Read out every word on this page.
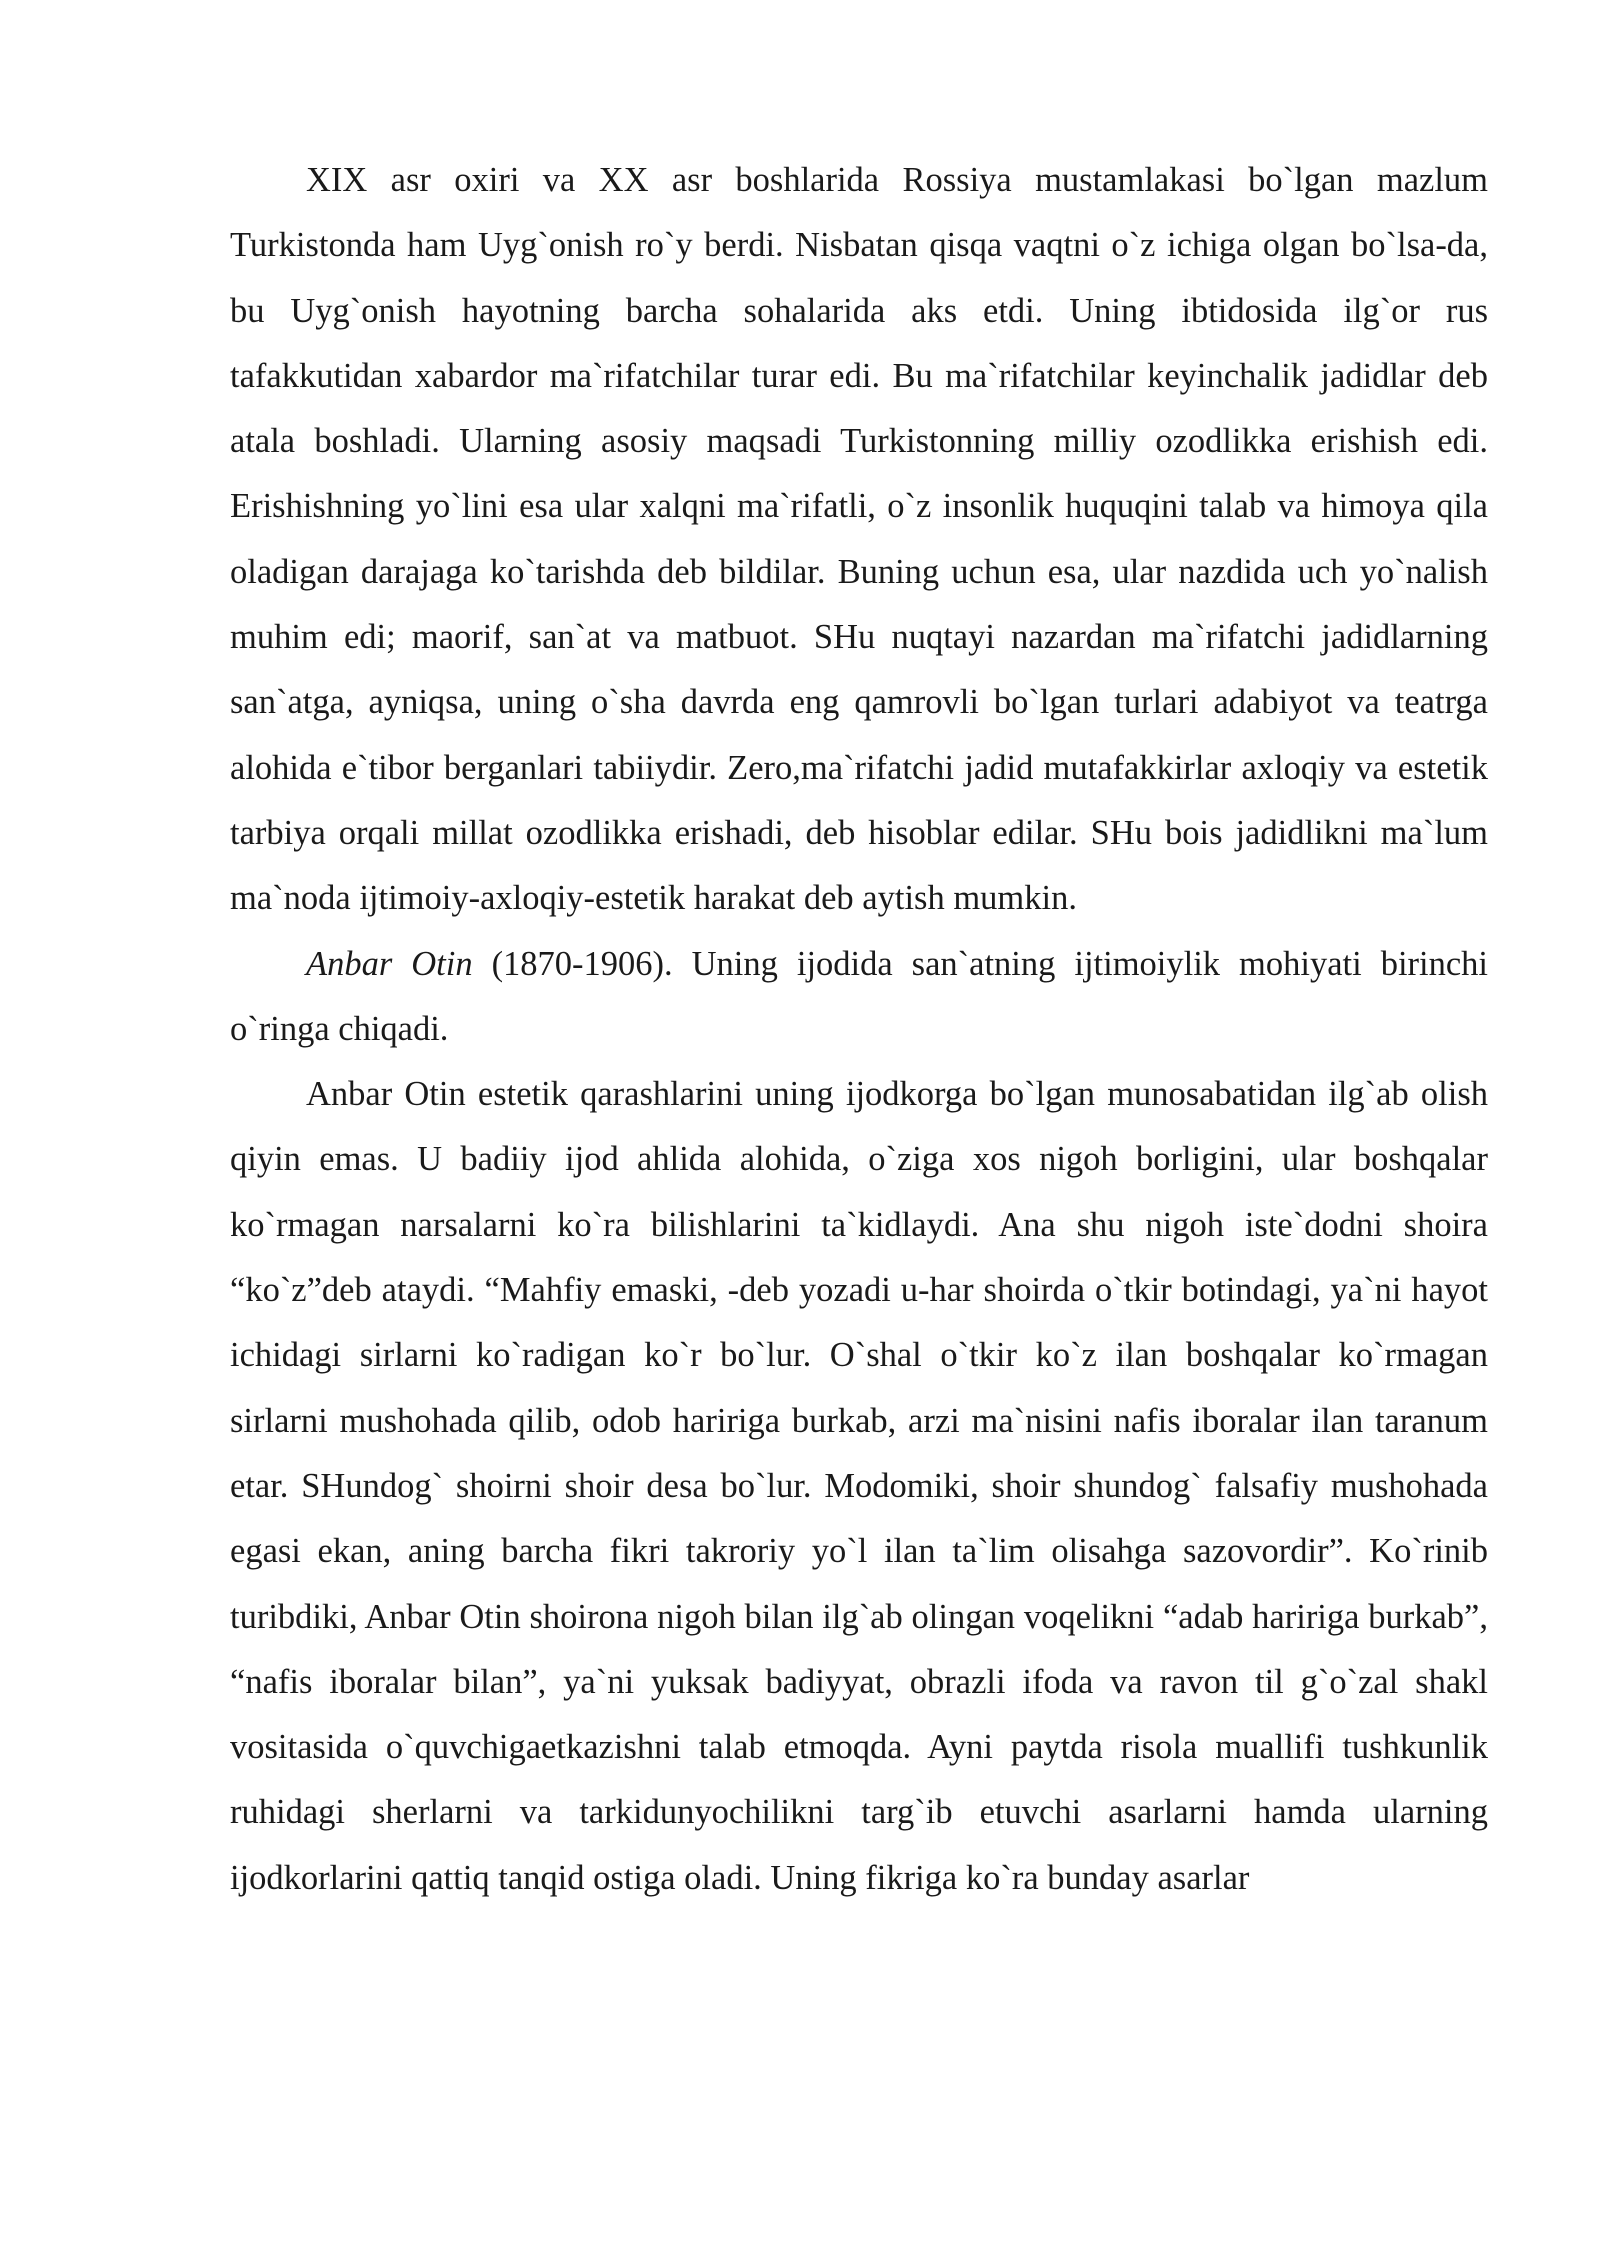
XIX asr oxiri va XX asr boshlarida Rossiya mustamlakasi bo`lgan mazlum Turkistonda ham Uyg`onish ro`y berdi. Nisbatan qisqa vaqtni o`z ichiga olgan bo`lsa-da, bu Uyg`onish hayotning barcha sohalarida aks etdi. Uning ibtidosida ilg`or rus tafakkutidan xabardor ma`rifatchilar turar edi. Bu ma`rifatchilar keyinchalik jadidlar deb atala boshladi. Ularning asosiy maqsadi Turkistonning milliy ozodlikka erishish edi. Erishishning yo`lini esa ular xalqni ma`rifatli, o`z insonlik huquqini talab va himoya qila oladigan darajaga ko`tarishda deb bildilar. Buning uchun esa, ular nazdida uch yo`nalish muhim edi; maorif, san`at va matbuot. SHu nuqtayi nazardan ma`rifatchi jadidlarning san`atga, ayniqsa, uning o`sha davrda eng qamrovli bo`lgan turlari adabiyot va teatrga alohida e`tibor berganlari tabiiydir. Zero,ma`rifatchi jadid mutafakkirlar axloqiy va estetik tarbiya orqali millat ozodlikka erishadi, deb hisoblar edilar. SHu bois jadidlikni ma`lum ma`noda ijtimoiy-axloqiy-estetik harakat deb aytish mumkin.

Anbar Otin (1870-1906). Uning ijodida san`atning ijtimoiylik mohiyati birinchi o`ringa chiqadi.

Anbar Otin estetik qarashlarini uning ijodkorga bo`lgan munosabatidan ilg`ab olish qiyin emas. U badiiy ijod ahlida alohida, o`ziga xos nigoh borligini, ular boshqalar ko`rmagan narsalarni ko`ra bilishlarini ta`kidlaydi. Ana shu nigoh iste`dodni shoira “ko`z”deb ataydi. “Mahfiy emaski, -deb yozadi u-har shoirda o`tkir botindagi, ya`ni hayot ichidagi sirlarni ko`radigan ko`r bo`lur. O`shal o`tkir ko`z ilan boshqalar ko`rmagan sirlarni mushohada qilib, odob haririga burkab, arzi ma`nisini nafis iboralar ilan taranum etar. SHundog` shoirni shoir desa bo`lur. Modomiki, shoir shundog` falsafiy mushohada egasi ekan, aning barcha fikri takroriy yo`l ilan ta`lim olisahga sazovordir”. Ko`rinib turibdiki, Anbar Otin shoirona nigoh bilan ilg`ab olingan voqelikni “adab haririga burkab”, “nafis iboralar bilan”, ya`ni yuksak badiyyat, obrazli ifoda va ravon til g`o`zal shakl vositasida o`quvchigaetkazishni talab etmoqda. Ayni paytda risola muallifi tushkunlik ruhidagi sherlarni va tarkidunyochilikni targ`ib etuvchi asarlarni hamda ularning ijodkorlarini qattiq tanqid ostiga oladi. Uning fikriga ko`ra bunday asarlar
